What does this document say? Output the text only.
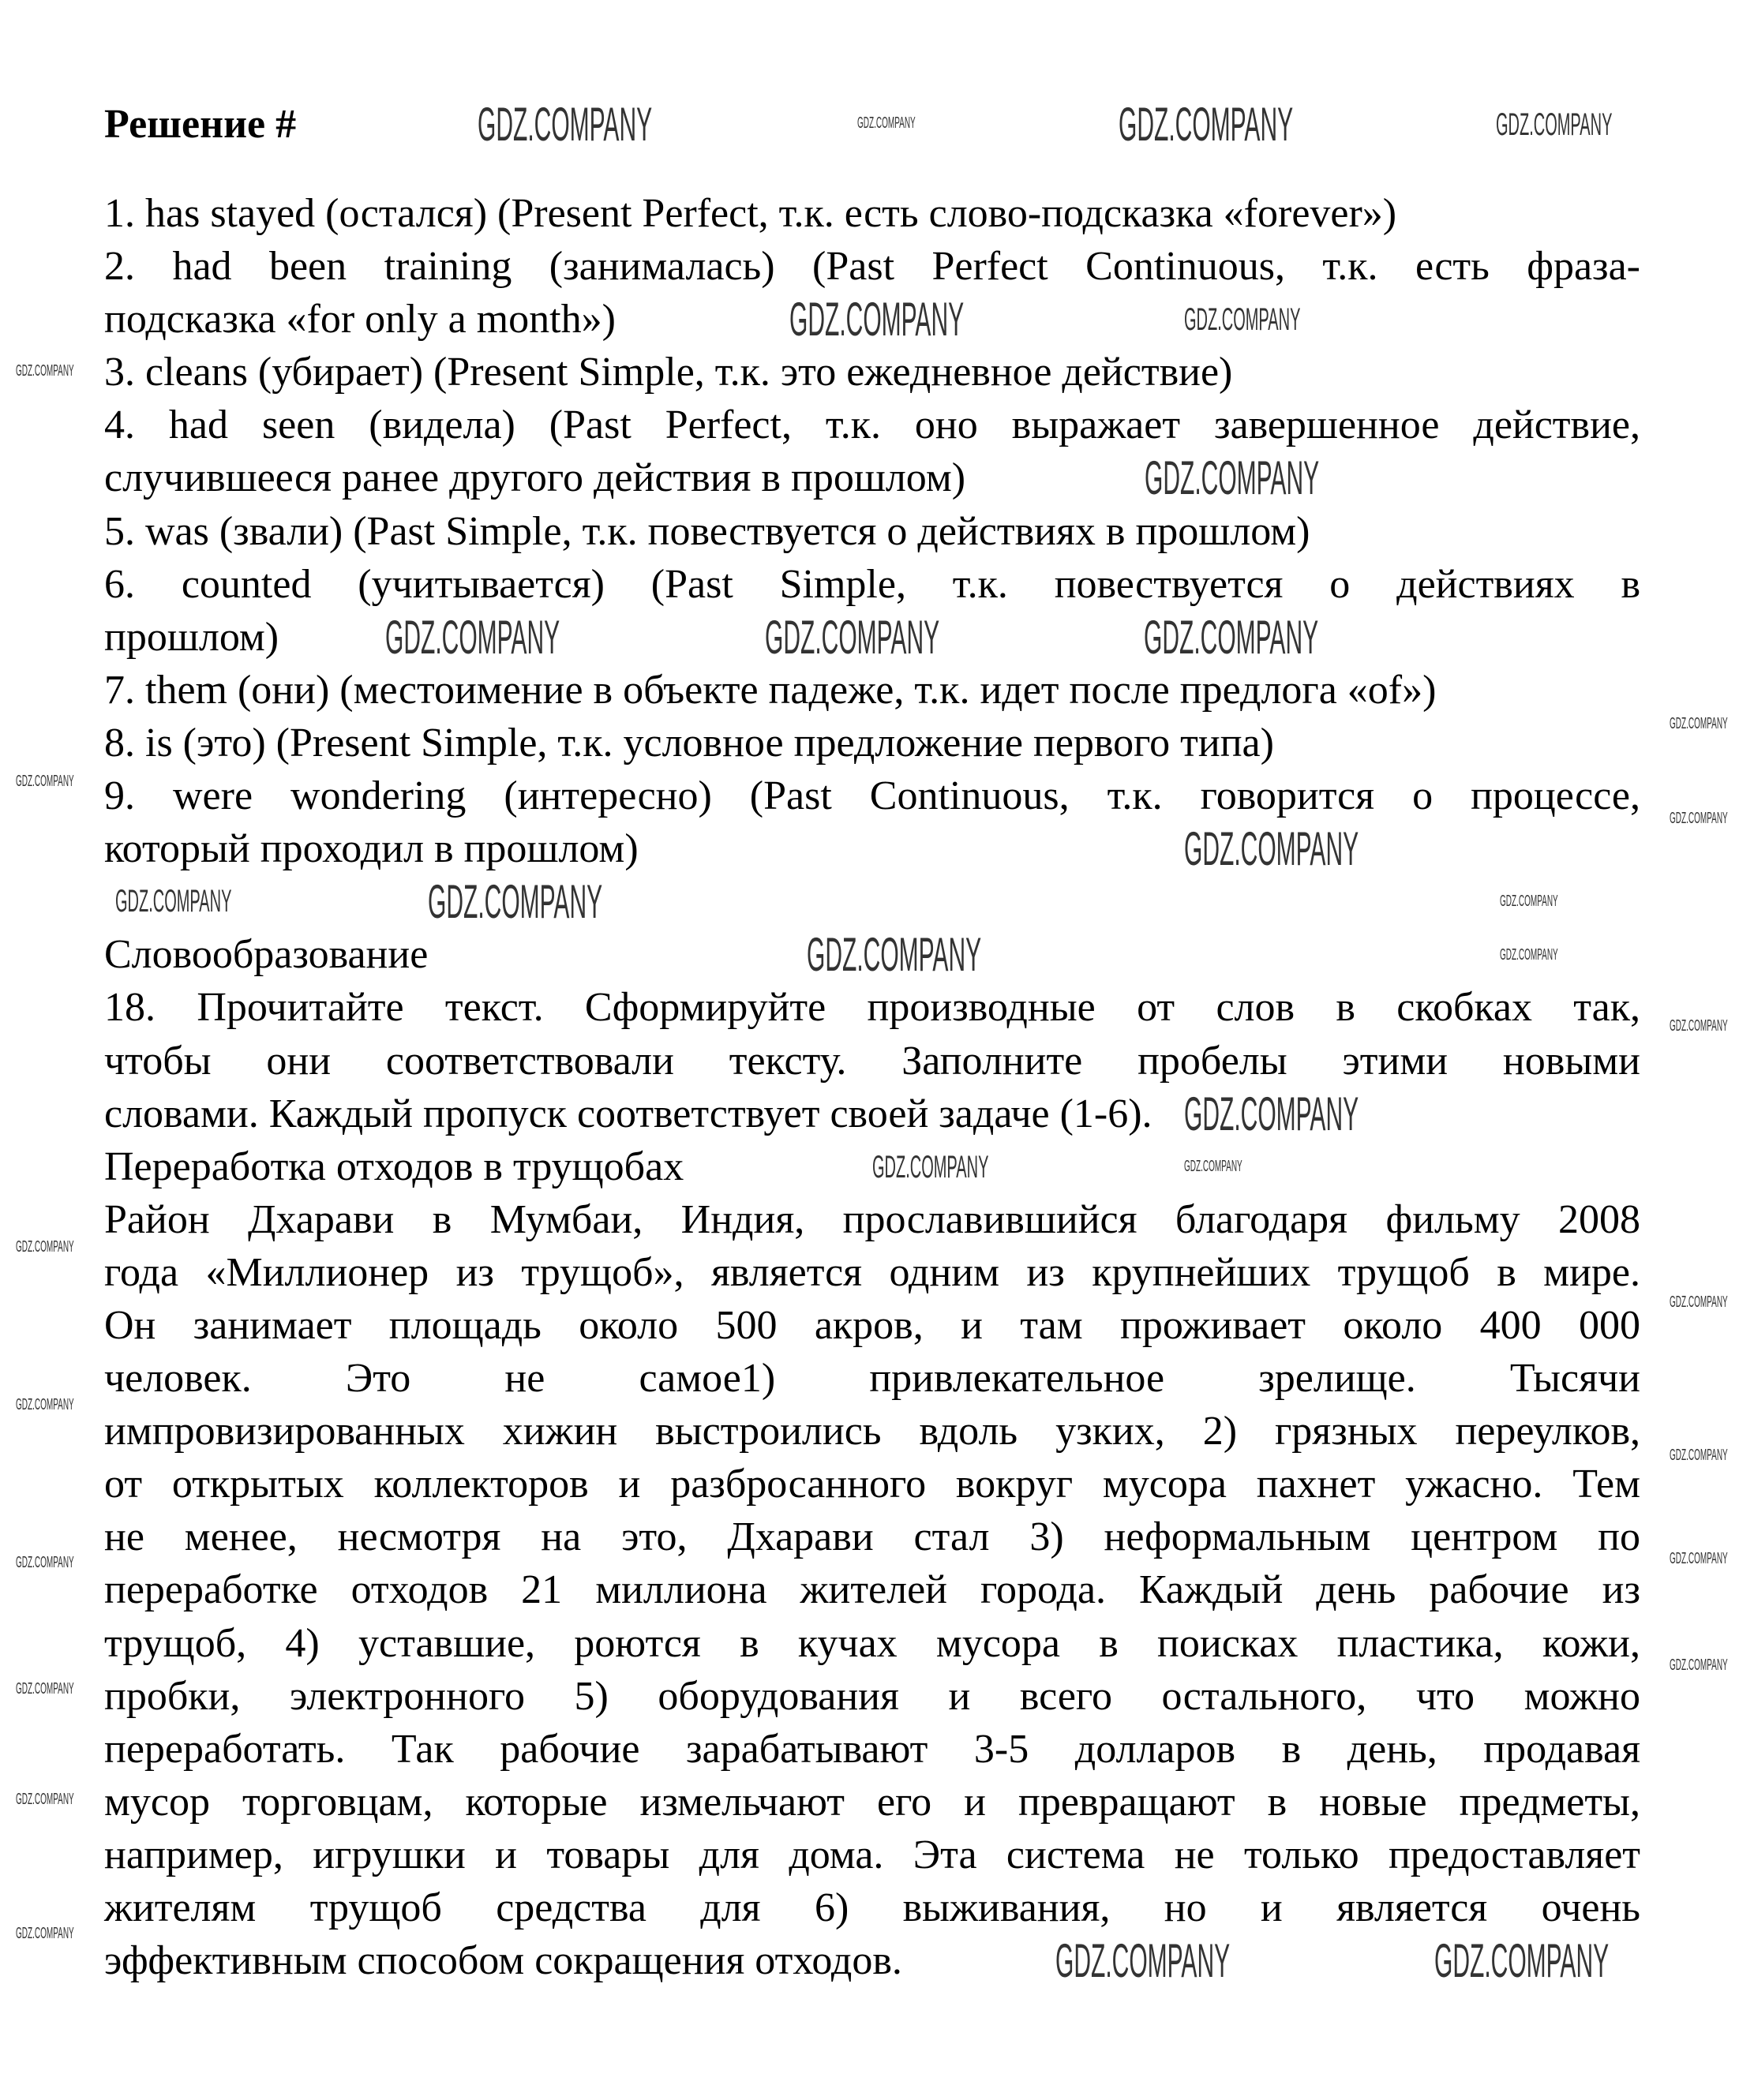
Решение #
1. has stayed (остался) (Present Perfect, т.к. есть слово-подсказка «forever»)
2. had been training (занималась) (Past Perfect Continuous, т.к. есть фраза-
подсказка «for only a month»)
3. cleans (убирает) (Present Simple, т.к. это ежедневное действие)
4. had seen (видела) (Past Perfect, т.к. оно выражает завершенное действие,
случившееся ранее другого действия в прошлом)
5. was (звали) (Past Simple, т.к. повествуется о действиях в прошлом)
6. counted (учитывается) (Past Simple, т.к. повествуется о действиях в
прошлом)
7. them (они) (местоимение в объекте падеже, т.к. идет после предлога «of»)
8. is (это) (Present Simple, т.к. условное предложение первого типа)
9. were wondering (интересно) (Past Continuous, т.к. говорится о процессе,
который проходил в прошлом)
Словообразование
18. Прочитайте текст. Сформируйте производные от слов в скобках так,
чтобы они соответствовали тексту. Заполните пробелы этими новыми
словами. Каждый пропуск соответствует своей задаче (1-6).
Переработка отходов в трущобах
Район Дхарави в Мумбаи, Индия, прославившийся благодаря фильму 2008
года «Миллионер из трущоб», является одним из крупнейших трущоб в мире.
Он занимает площадь около 500 акров, и там проживает около 400 000
человек. Это не самое1) привлекательное зрелище. Тысячи
импровизированных хижин выстроились вдоль узких, 2) грязных переулков,
от открытых коллекторов и разбросанного вокруг мусора пахнет ужасно. Тем
не менее, несмотря на это, Дхарави стал 3) неформальным центром по
переработке отходов 21 миллиона жителей города. Каждый день рабочие из
трущоб, 4) уставшие, роются в кучах мусора в поисках пластика, кожи,
пробки, электронного 5) оборудования и всего остального, что можно
переработать. Так рабочие зарабатывают 3-5 долларов в день, продавая
мусор торговцам, которые измельчают его и превращают в новые предметы,
например, игрушки и товары для дома. Эта система не только предоставляет
жителям трущоб средства для 6) выживания, но и является очень
эффективным способом сокращения отходов.
GDZ.COMPANY	GDZ.COMPANY	GDZ.COMPANY	GDZ.COMPANY
GDZ.COMPANY	GDZ.COMPANY
GDZ.COMPANY
GDZ.COMPANY	GDZ.COMPANY	GDZ.COMPANY
GDZ.COMPANY
GDZ.COMPANY	GDZ.COMPANY	GDZ.COMPANY
GDZ.COMPANY	GDZ.COMPANY
GDZ.COMPANY
GDZ.COMPANY	GDZ.COMPANY
GDZ.COMPANY	GDZ.COMPANY
GDZ.COMPANY
GDZ.COMPANY
GDZ.COMPANY
GDZ.COMPANY
GDZ.COMPANY
GDZ.COMPANY
GDZ.COMPANY
GDZ.COMPANY
GDZ.COMPANY
GDZ.COMPANY
GDZ.COMPANY
GDZ.COMPANY
GDZ.COMPANY
GDZ.COMPANY
GDZ.COMPANY
